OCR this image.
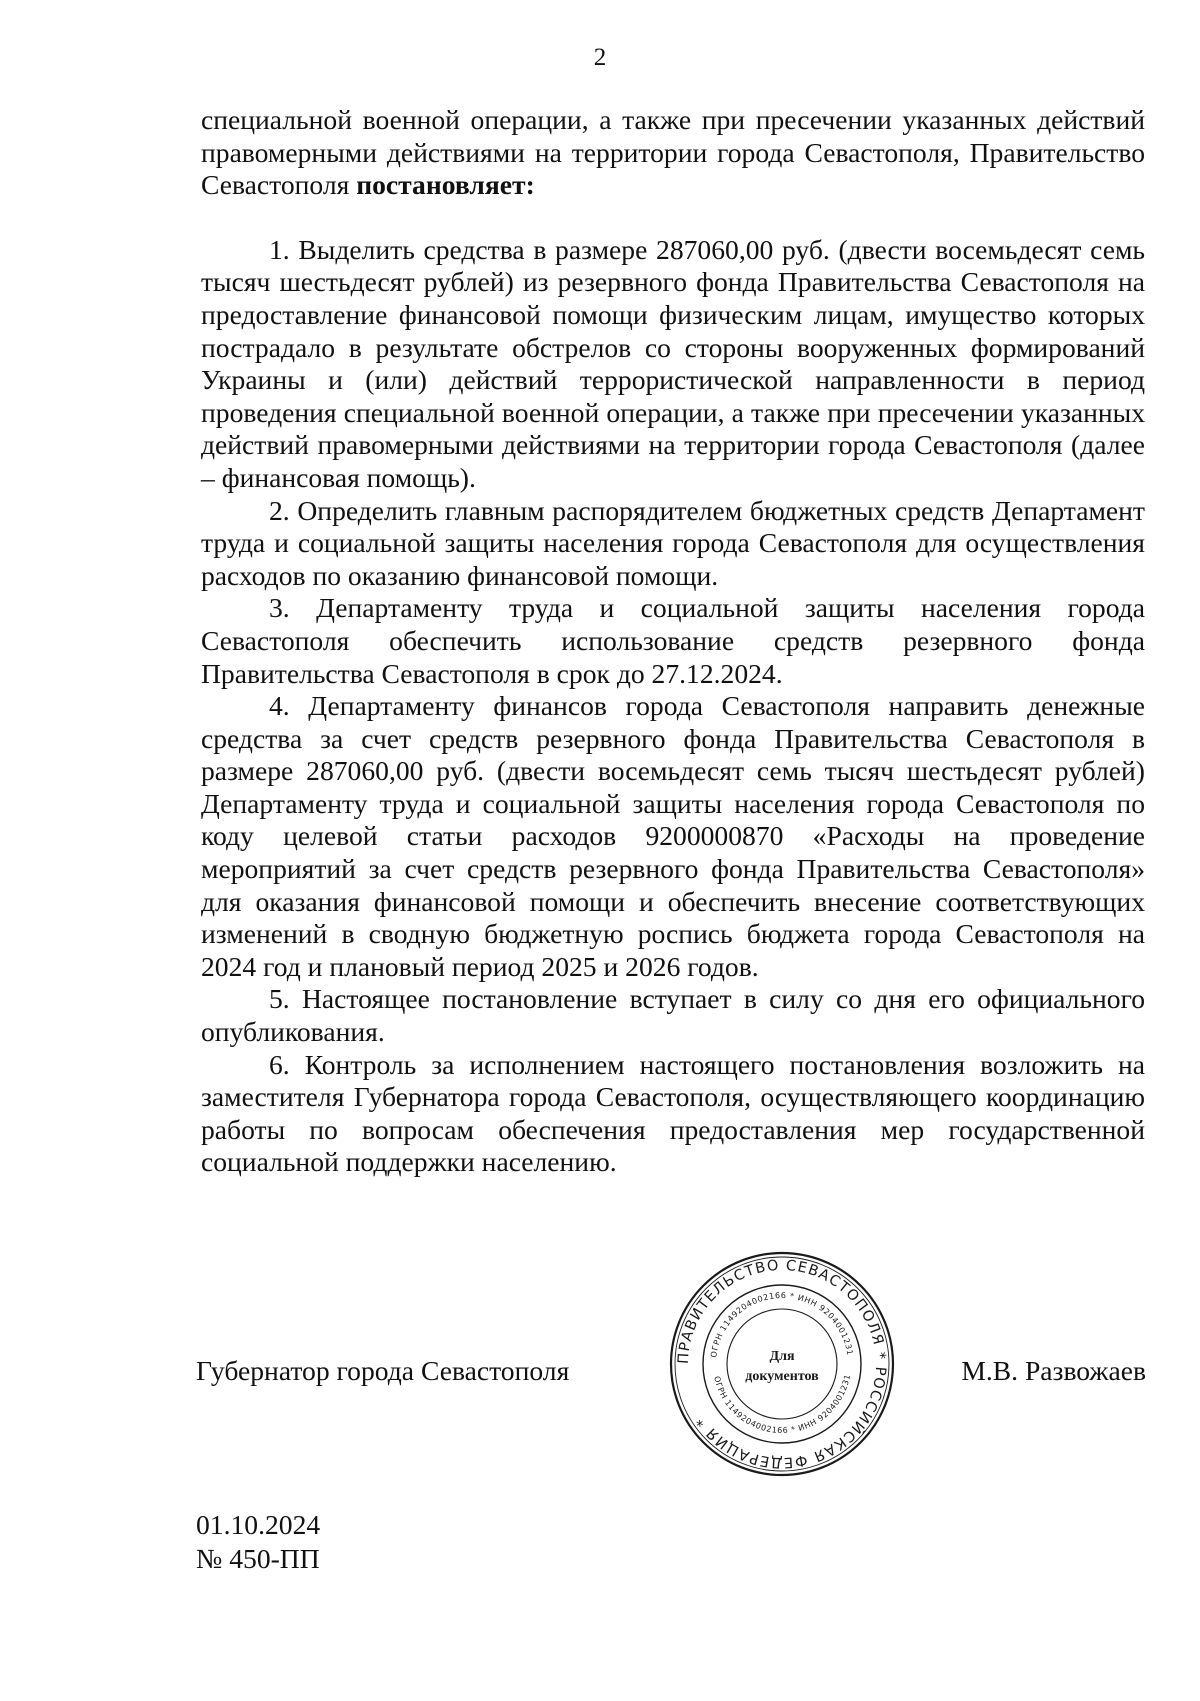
2

специальной военной операции, а также при пресечении указанных действий правомерными действиями на территории города Севастополя, Правительство Севастополя постановляет:

1. Выделить средства в размере 287060,00 руб. (двести восемьдесят семь тысяч шестьдесят рублей) из резервного фонда Правительства Севастополя на предоставление финансовой помощи физическим лицам, имущество которых пострадало в результате обстрелов со стороны вооруженных формирований Украины и (или) действий террористической направленности в период проведения специальной военной операции, а также при пресечении указанных действий правомерными действиями на территории города Севастополя (далее – финансовая помощь).

2. Определить главным распорядителем бюджетных средств Департамент труда и социальной защиты населения города Севастополя для осуществления расходов по оказанию финансовой помощи.

3. Департаменту труда и социальной защиты населения города Севастополя обеспечить использование средств резервного фонда Правительства Севастополя в срок до 27.12.2024.

4. Департаменту финансов города Севастополя направить денежные средства за счет средств резервного фонда Правительства Севастополя в размере 287060,00 руб. (двести восемьдесят семь тысяч шестьдесят рублей) Департаменту труда и социальной защиты населения города Севастополя по коду целевой статьи расходов 9200000870 «Расходы на проведение мероприятий за счет средств резервного фонда Правительства Севастополя» для оказания финансовой помощи и обеспечить внесение соответствующих изменений в сводную бюджетную роспись бюджета города Севастополя на 2024 год и плановый период 2025 и 2026 годов.

5. Настоящее постановление вступает в силу со дня его официального опубликования.

6. Контроль за исполнением настоящего постановления возложить на заместителя Губернатора города Севастополя, осуществляющего координацию работы по вопросам обеспечения предоставления мер государственной социальной поддержки населению.

Губернатор города Севастополя	М.В. Развожаев
ПРАВИТЕЛЬСТВО СЕВАСТОПОЛЯ * РОССИЙСКАЯ ФЕДЕРАЦИЯ *
ОГРН 1149204002166 * ИНН 9204001231
ОГРН 1149204002166 * ИНН 9204001231
Для
документов
01.10.2024
№ 450-ПП
